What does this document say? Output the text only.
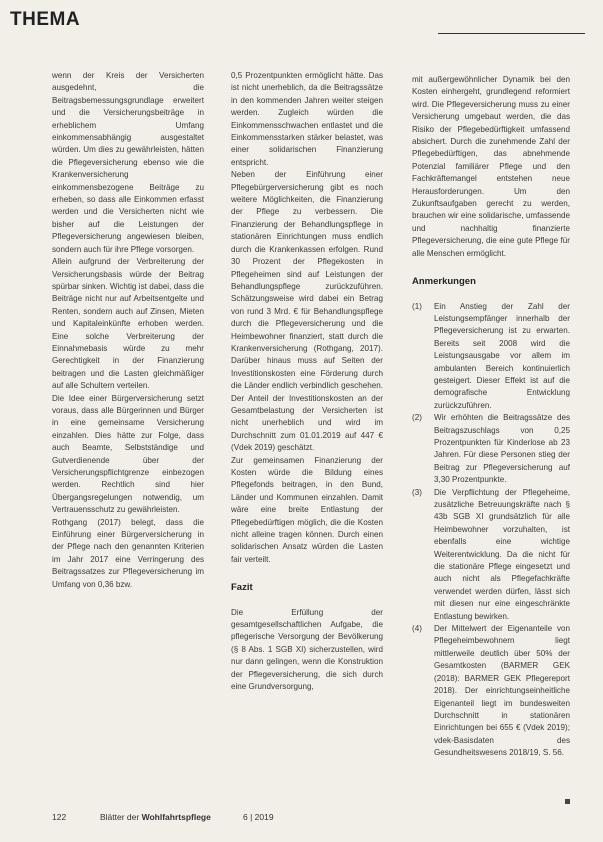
THEMA

wenn der Kreis der Versicherten ausgedehnt, die Beitragsbemessungsgrundlage erweitert und die Versicherungsbeiträge in erheblichem Umfang einkommensabhängig ausgestaltet würden. Um dies zu gewährleisten, hätten die Pflegeversicherung ebenso wie die Krankenversicherung einkommensbezogene Beiträge zu erheben, so dass alle Einkommen erfasst werden und die Versicherten nicht wie bisher auf die Leistungen der Pflegeversicherung angewiesen bleiben, sondern auch für ihre Pflege vorsorgen.

Allein aufgrund der Verbreiterung der Versicherungsbasis würde der Beitrag spürbar sinken. Wichtig ist dabei, dass die Beiträge nicht nur auf Arbeitsentgelte und Renten, sondern auch auf Zinsen, Mieten und Kapitaleinkünfte erhoben werden. Eine solche Verbreiterung der Einnahmebasis würde zu mehr Gerechtigkeit in der Finanzierung beitragen und die Lasten gleichmäßiger auf alle Schultern verteilen.

Die Idee einer Bürgerversicherung setzt voraus, dass alle Bürgerinnen und Bürger in eine gemeinsame Versicherung einzahlen. Dies hätte zur Folge, dass auch Beamte, Selbstständige und Gutverdienende über der Versicherungspflichtgrenze einbezogen werden. Rechtlich sind hier Übergangsregelungen notwendig, um Vertrauensschutz zu gewährleisten.

Rothgang (2017) belegt, dass die Einführung einer Bürgerversicherung in der Pflege nach den genannten Kriterien im Jahr 2017 eine Verringerung des Beitragssatzes zur Pflegeversicherung im Umfang von 0,36 bzw.

0,5 Prozentpunkten ermöglicht hätte. Das ist nicht unerheblich, da die Beitragssätze in den kommenden Jahren weiter steigen werden. Zugleich würden die Einkommensschwachen entlastet und die Einkommensstarken stärker belastet, was einer solidarischen Finanzierung entspricht.

Neben der Einführung einer Pflegebürgerversicherung gibt es noch weitere Möglichkeiten, die Finanzierung der Pflege zu verbessern. Die Finanzierung der Behandlungspflege in stationären Einrichtungen muss endlich durch die Krankenkassen erfolgen. Rund 30 Prozent der Pflegekosten in Pflegeheimen sind auf Leistungen der Behandlungspflege zurückzuführen. Schätzungsweise wird dabei ein Betrag von rund 3 Mrd. € für Behandlungspflege durch die Pflegeversicherung und die Heimbewohner finanziert, statt durch die Krankenversicherung (Rothgang, 2017). Darüber hinaus muss auf Seiten der Investitionskosten eine Förderung durch die Länder endlich verbindlich geschehen. Der Anteil der Investitionskosten an der Gesamtbelastung der Versicherten ist nicht unerheblich und wird im Durchschnitt zum 01.01.2019 auf 447 € (Vdek 2019) geschätzt.

Zur gemeinsamen Finanzierung der Kosten würde die Bildung eines Pflegefonds beitragen, in den Bund, Länder und Kommunen einzahlen. Damit wäre eine breite Entlastung der Pflegebedürftigen möglich, die die Kosten nicht alleine tragen können. Durch einen solidarischen Ansatz würden die Lasten fair verteilt.

Fazit

Die Erfüllung der gesamtgesellschaftlichen Aufgabe, die pflegerische Versorgung der Bevölkerung (§ 8 Abs. 1 SGB XI) sicherzustellen, wird nur dann gelingen, wenn die Konstruktion der Pflegeversicherung, die sich durch eine Grundversorgung,

mit außergewöhnlicher Dynamik bei den Kosten einhergeht, grundlegend reformiert wird. Die Pflegeversicherung muss zu einer Versicherung umgebaut werden, die das Risiko der Pflegebedürftigkeit umfassend absichert. Durch die zunehmende Zahl der Pflegebedürftigen, das abnehmende Potenzial familiärer Pflege und den Fachkräftemangel entstehen neue Herausforderungen. Um den Zukunftsaufgaben gerecht zu werden, brauchen wir eine solidarische, umfassende und nachhaltig finanzierte Pflegeversicherung, die eine gute Pflege für alle Menschen ermöglicht.

Anmerkungen
(1)	Ein Anstieg der Zahl der Leistungsempfänger innerhalb der Pflegeversicherung ist zu erwarten. Bereits seit 2008 wird die Leistungsausgabe vor allem im ambulanten Bereich kontinuierlich gesteigert. Dieser Effekt ist auf die demografische Entwicklung zurückzuführen.
(2)	Wir erhöhten die Beitragssätze des Beitragszuschlags von 0,25 Prozentpunkten für Kinderlose ab 23 Jahren. Für diese Personen stieg der Beitrag zur Pflegeversicherung auf 3,30 Prozentpunkte.
(3)	Die Verpflichtung der Pflegeheime, zusätzliche Betreuungskräfte nach § 43b SGB XI grundsätzlich für alle Heimbewohner vorzuhalten, ist ebenfalls eine wichtige Weiterentwicklung. Da die nicht für die stationäre Pflege eingesetzt und auch nicht als Pflegefachkräfte verwendet werden dürfen, lässt sich mit diesen nur eine eingeschränkte Entlastung bewirken.
(4)	Der Mittelwert der Eigenanteile von Pflegeheimbewohnern liegt mittlerweile deutlich über 50% der Gesamtkosten (BARMER GEK (2018): BARMER GEK Pflegereport 2018). Der einrichtungseinheitliche Eigenanteil liegt im bundesweiten Durchschnitt in stationären Einrichtungen bei 655 € (Vdek 2019); vdek-Basisdaten des Gesundheitswesens 2018/19, S. 56.
122	Blätter der Wohlfahrtspflege	6 | 2019
